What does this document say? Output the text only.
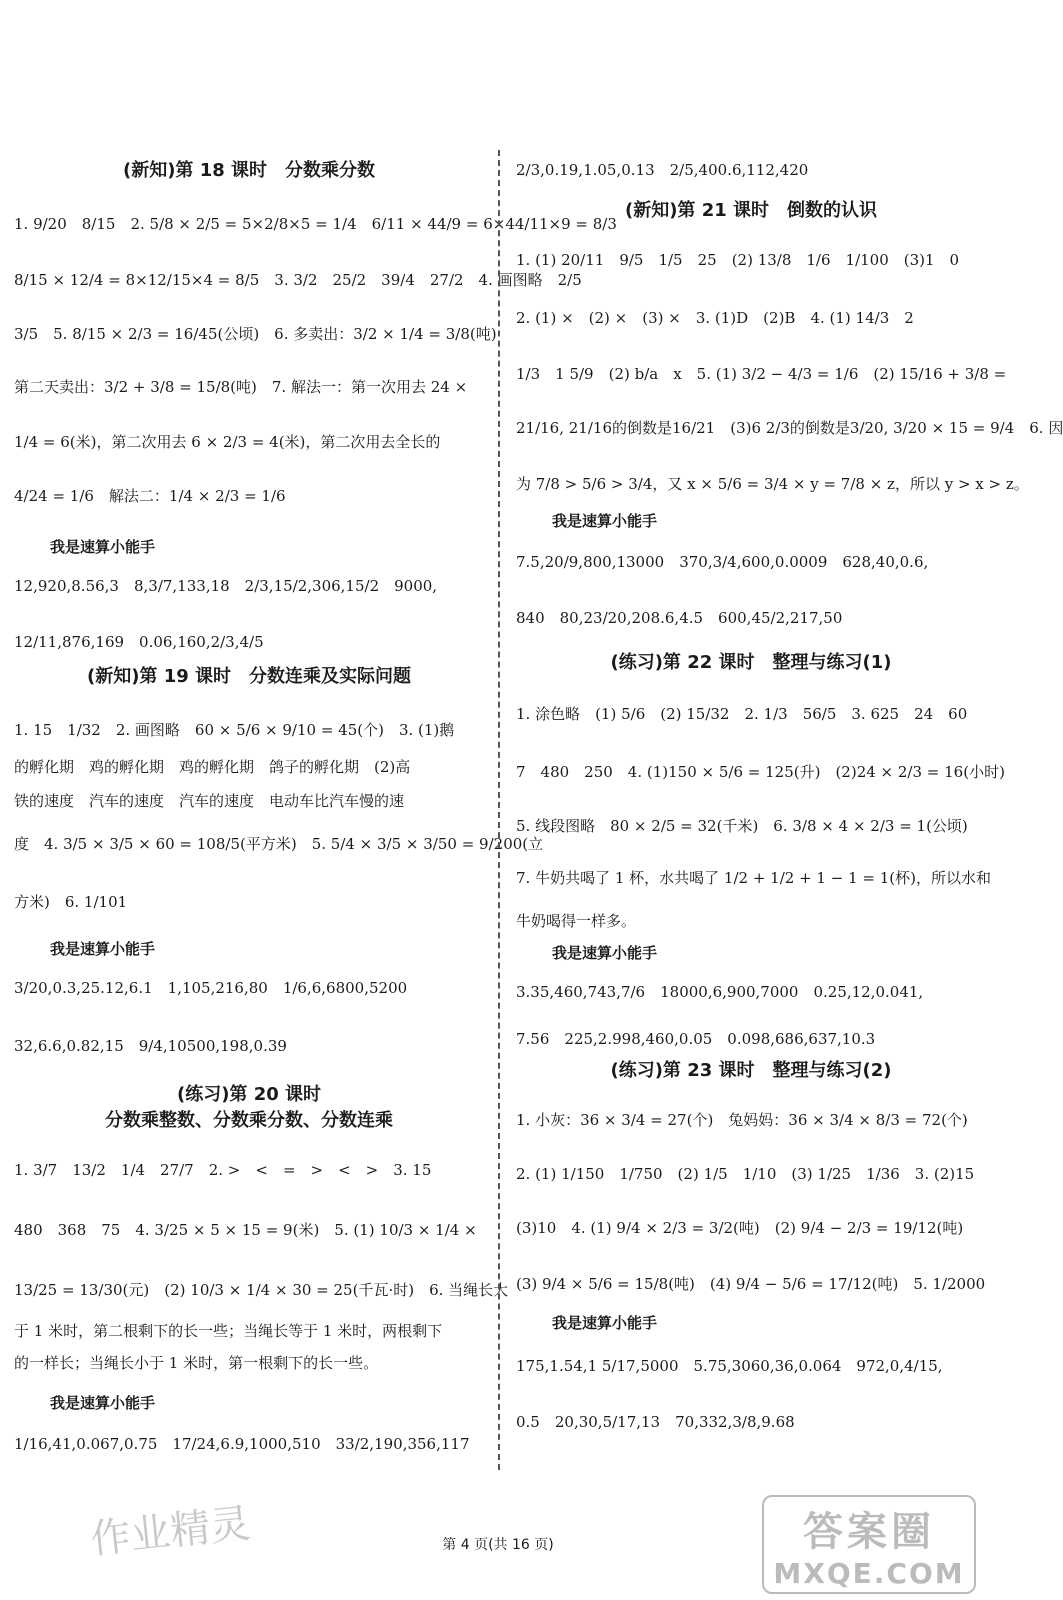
(新知)第 18 课时　分数乘分数
1. 9/20　8/15　2. 5/8 × 2/5 = 5×2/8×5 = 1/4　6/11 × 44/9 = 6×44/11×9 = 8/3
8/15 × 12/4 = 8×12/15×4 = 8/5　3. 3/2　25/2　39/4　27/2　4. 画图略　2/5
3/5　5. 8/15 × 2/3 = 16/45(公顷)　6. 多卖出：3/2 × 1/4 = 3/8(吨)
第二天卖出：3/2 + 3/8 = 15/8(吨)　7. 解法一：第一次用去 24 ×
1/4 = 6(米)，第二次用去 6 × 2/3 = 4(米)，第二次用去全长的
4/24 = 1/6　解法二：1/4 × 2/3 = 1/6
我是速算小能手
12,920,8.56,3　8,3/7,133,18　2/3,15/2,306,15/2　9000,
12/11,876,169　0.06,160,2/3,4/5
(新知)第 19 课时　分数连乘及实际问题
1. 15　1/32　2. 画图略　60 × 5/6 × 9/10 = 45(个)　3. (1)鹅
的孵化期　鸡的孵化期　鸡的孵化期　鸽子的孵化期　(2)高
铁的速度　汽车的速度　汽车的速度　电动车比汽车慢的速
度　4. 3/5 × 3/5 × 60 = 108/5(平方米)　5. 5/4 × 3/5 × 3/50 = 9/200(立
方米)　6. 1/101
我是速算小能手
3/20,0.3,25.12,6.1　1,105,216,80　1/6,6,6800,5200
32,6.6,0.82,15　9/4,10500,198,0.39
(练习)第 20 课时
分数乘整数、分数乘分数、分数连乘
1. 3/7　13/2　1/4　27/7　2. >　<　=　>　<　>　3. 15
480　368　75　4. 3/25 × 5 × 15 = 9(米)　5. (1) 10/3 × 1/4 ×
13/25 = 13/30(元)　(2) 10/3 × 1/4 × 30 = 25(千瓦·时)　6. 当绳长大
于 1 米时，第二根剩下的长一些；当绳长等于 1 米时，两根剩下
的一样长；当绳长小于 1 米时，第一根剩下的长一些。
我是速算小能手
1/16,41,0.067,0.75　17/24,6.9,1000,510　33/2,190,356,117
2/3,0.19,1.05,0.13　2/5,400.6,112,420
(新知)第 21 课时　倒数的认识
1. (1) 20/11　9/5　1/5　25　(2) 13/8　1/6　1/100　(3)1　0
2. (1) ×　(2) ×　(3) ×　3. (1)D　(2)B　4. (1) 14/3　2
1/3　1 5/9　(2) b/a　x　5. (1) 3/2 − 4/3 = 1/6　(2) 15/16 + 3/8 =
21/16, 21/16的倒数是16/21　(3)6 2/3的倒数是3/20, 3/20 × 15 = 9/4　6. 因
为 7/8 > 5/6 > 3/4，又 x × 5/6 = 3/4 × y = 7/8 × z，所以 y > x > z。
我是速算小能手
7.5,20/9,800,13000　370,3/4,600,0.0009　628,40,0.6,
840　80,23/20,208.6,4.5　600,45/2,217,50
(练习)第 22 课时　整理与练习(1)
1. 涂色略　(1) 5/6　(2) 15/32　2. 1/3　56/5　3. 625　24　60
7　480　250　4. (1)150 × 5/6 = 125(升)　(2)24 × 2/3 = 16(小时)
5. 线段图略　80 × 2/5 = 32(千米)　6. 3/8 × 4 × 2/3 = 1(公顷)
7. 牛奶共喝了 1 杯，水共喝了 1/2 + 1/2 + 1 − 1 = 1(杯)，所以水和
牛奶喝得一样多。
我是速算小能手
3.35,460,743,7/6　18000,6,900,7000　0.25,12,0.041,
7.56　225,2.998,460,0.05　0.098,686,637,10.3
(练习)第 23 课时　整理与练习(2)
1. 小灰：36 × 3/4 = 27(个)　兔妈妈：36 × 3/4 × 8/3 = 72(个)
2. (1) 1/150　1/750　(2) 1/5　1/10　(3) 1/25　1/36　3. (2)15
(3)10　4. (1) 9/4 × 2/3 = 3/2(吨)　(2) 9/4 − 2/3 = 19/12(吨)
(3) 9/4 × 5/6 = 15/8(吨)　(4) 9/4 − 5/6 = 17/12(吨)　5. 1/2000
我是速算小能手
175,1.54,1 5/17,5000　5.75,3060,36,0.064　972,0,4/15,
0.5　20,30,5/17,13　70,332,3/8,9.68
第 4 页(共 16 页)
作业精灵	答案圈
MXQE.COM
